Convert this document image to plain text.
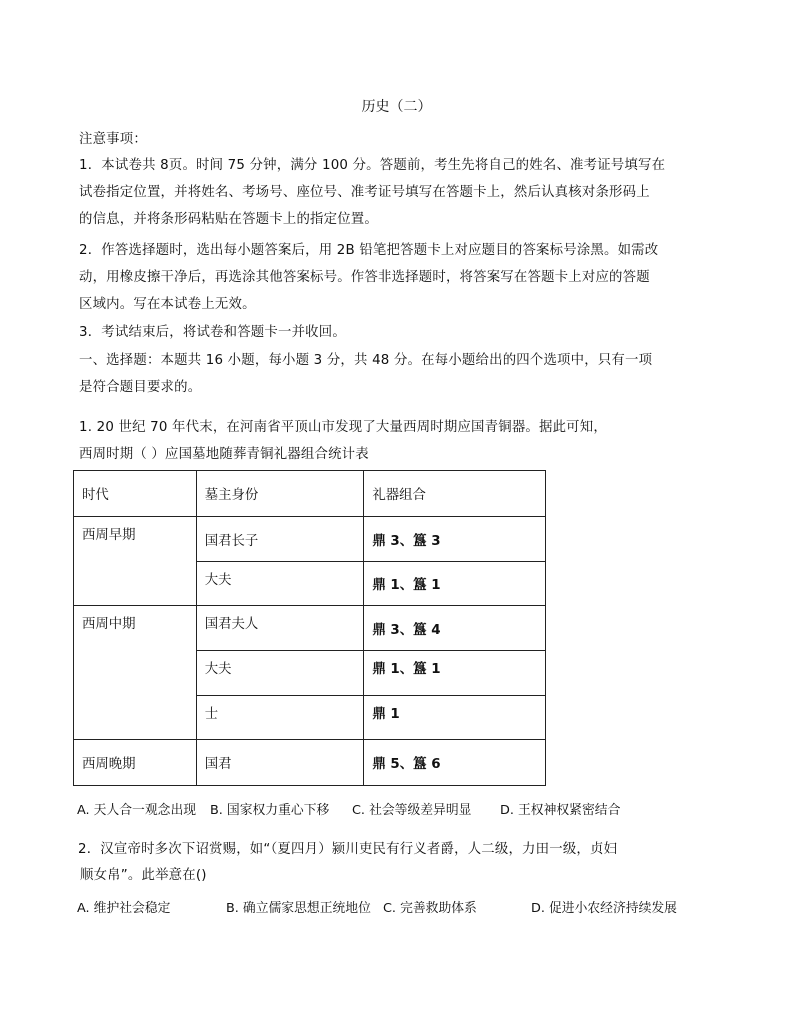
历史（二）
注意事项：
1．本试卷共 8页。时间 75 分钟，满分 100 分。答题前，考生先将自己的姓名、准考证号填写在
试卷指定位置，并将姓名、考场号、座位号、准考证号填写在答题卡上，然后认真核对条形码上
的信息，并将条形码粘贴在答题卡上的指定位置。
2．作答选择题时，选出每小题答案后，用 2B 铅笔把答题卡上对应题目的答案标号涂黑。如需改
动，用橡皮擦干净后，再选涂其他答案标号。作答非选择题时，将答案写在答题卡上对应的答题
区域内。写在本试卷上无效。
3．考试结束后，将试卷和答题卡一并收回。
一、选择题：本题共 16 小题，每小题 3 分，共 48 分。在每小题给出的四个选项中，只有一项
是符合题目要求的。
1. 20 世纪 70 年代末，在河南省平顶山市发现了大量西周时期应国青铜器。据此可知，
西周时期（ ）应国墓地随葬青铜礼器组合统计表
时代	墓主身份	礼器组合
西周早期	国君长子	鼎 3、簋 3
	大夫	鼎 1、簋 1
西周中期	国君夫人	鼎 3、簋 4
	大夫	鼎 1、簋 1
	士	鼎 1
西周晚期	国君	鼎 5、簋 6
A. 天人合一观念出现 B. 国家权力重心下移 C. 社会等级差异明显 D. 王权神权紧密结合
2．汉宣帝时多次下诏赏赐，如“（夏四月）颍川吏民有行义者爵，人二级，力田一级，贞妇
顺女帛”。此举意在()
A. 维护社会稳定	B. 确立儒家思想正统地位 C. 完善救助体系	D. 促进小农经济持续发展
